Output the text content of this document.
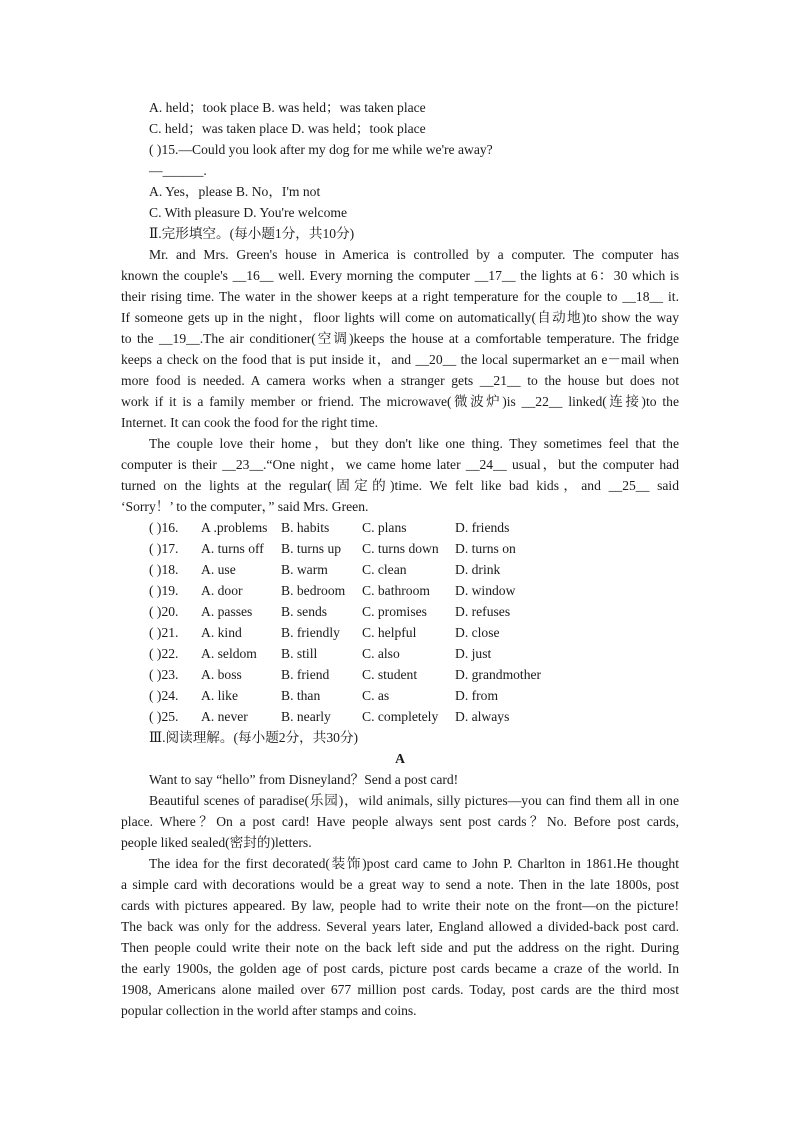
A. held；took place B. was held；was taken place
C. held；was taken place D. was held；took place
( )15.—Could you look after my dog for me while we're away?
—______.
A. Yes，please B. No，I'm not
C. With pleasure D. You're welcome
Ⅱ.完形填空。(每小题1分，共10分)
Mr. and Mrs. Green's house in America is controlled by a computer. The computer has
known the couple's __16__ well. Every morning the computer __17__ the lights at 6：30 which is
their rising time. The water in the shower keeps at a right temperature for the couple to __18__ it.
If someone gets up in the night，floor lights will come on automatically(自动地)to show the way
to the __19__.The air conditioner(空调)keeps the house at a comfortable temperature. The fridge
keeps a check on the food that is put inside it，and __20__ the local supermarket an e－mail when
more food is needed. A camera works when a stranger gets __21__ to the house but does not
work if it is a family member or friend. The microwave(微波炉)is __22__ linked(连接)to the
Internet. It can cook the food for the right time.
The couple love their home，but they don't like one thing. They sometimes feel that the
computer is their __23__.“One night，we came home later __24__ usual，but the computer had
turned on the lights at the regular(固定的)time. We felt like bad kids，and __25__ said
‘Sorry！’ to the computer，” said Mrs. Green.
( )16. A .problems B. habits C. plans	D. friends
( )17. A. turns off B. turns up C. turns down D. turns on
( )18. A. use	B. warm	C. clean	D. drink
( )19. A. door	B. bedroom C. bathroom D. window
( )20. A. passes B. sends	C. promises D. refuses
( )21. A. kind	B. friendly C. helpful	D. close
( )22. A. seldom B. still	C. also	D. just
( )23. A. boss	B. friend C. student	D. grandmother
( )24. A. like	B. than	C. as	D. from
( )25. A. never B. nearly C. completely D. always
Ⅲ.阅读理解。(每小题2分，共30分)
A
Want to say “hello” from Disneyland？Send a post card!
Beautiful scenes of paradise(乐园)，wild animals, silly pictures—you can find them all in one
place. Where？On a post card! Have people always sent post cards？No. Before post cards,
people liked sealed(密封的)letters.
The idea for the first decorated(装饰)post card came to John P. Charlton in 1861.He thought
a simple card with decorations would be a great way to send a note. Then in the late 1800s, post
cards with pictures appeared. By law, people had to write their note on the front—on the picture!
The back was only for the address. Several years later, England allowed a divided-back post card.
Then people could write their note on the back left side and put the address on the right. During
the early 1900s, the golden age of post cards, picture post cards became a craze of the world. In
1908, Americans alone mailed over 677 million post cards. Today, post cards are the third most
popular collection in the world after stamps and coins.
